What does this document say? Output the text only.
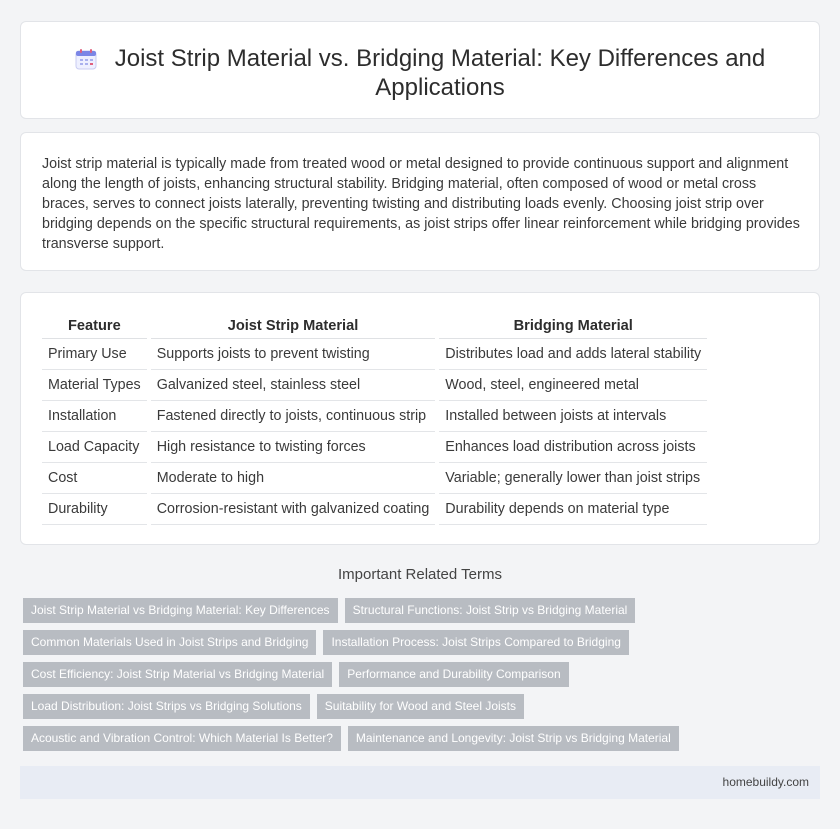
Joist Strip Material vs. Bridging Material: Key Differences and Applications

Joist strip material is typically made from treated wood or metal designed to provide continuous support and alignment along the length of joists, enhancing structural stability. Bridging material, often composed of wood or metal cross braces, serves to connect joists laterally, preventing twisting and distributing loads evenly. Choosing joist strip over bridging depends on the specific structural requirements, as joist strips offer linear reinforcement while bridging provides transverse support.

Feature	Joist Strip Material	Bridging Material
Primary Use	Supports joists to prevent twisting	Distributes load and adds lateral stability
Material Types	Galvanized steel, stainless steel	Wood, steel, engineered metal
Installation	Fastened directly to joists, continuous strip	Installed between joists at intervals
Load Capacity	High resistance to twisting forces	Enhances load distribution across joists
Cost	Moderate to high	Variable; generally lower than joist strips
Durability	Corrosion-resistant with galvanized coating	Durability depends on material type
Important Related Terms
Joist Strip Material vs Bridging Material: Key Differences	Structural Functions: Joist Strip vs Bridging Material
Common Materials Used in Joist Strips and Bridging	Installation Process: Joist Strips Compared to Bridging
Cost Efficiency: Joist Strip Material vs Bridging Material	Performance and Durability Comparison
Load Distribution: Joist Strips vs Bridging Solutions	Suitability for Wood and Steel Joists
Acoustic and Vibration Control: Which Material Is Better?	Maintenance and Longevity: Joist Strip vs Bridging Material
homebuildy.com
